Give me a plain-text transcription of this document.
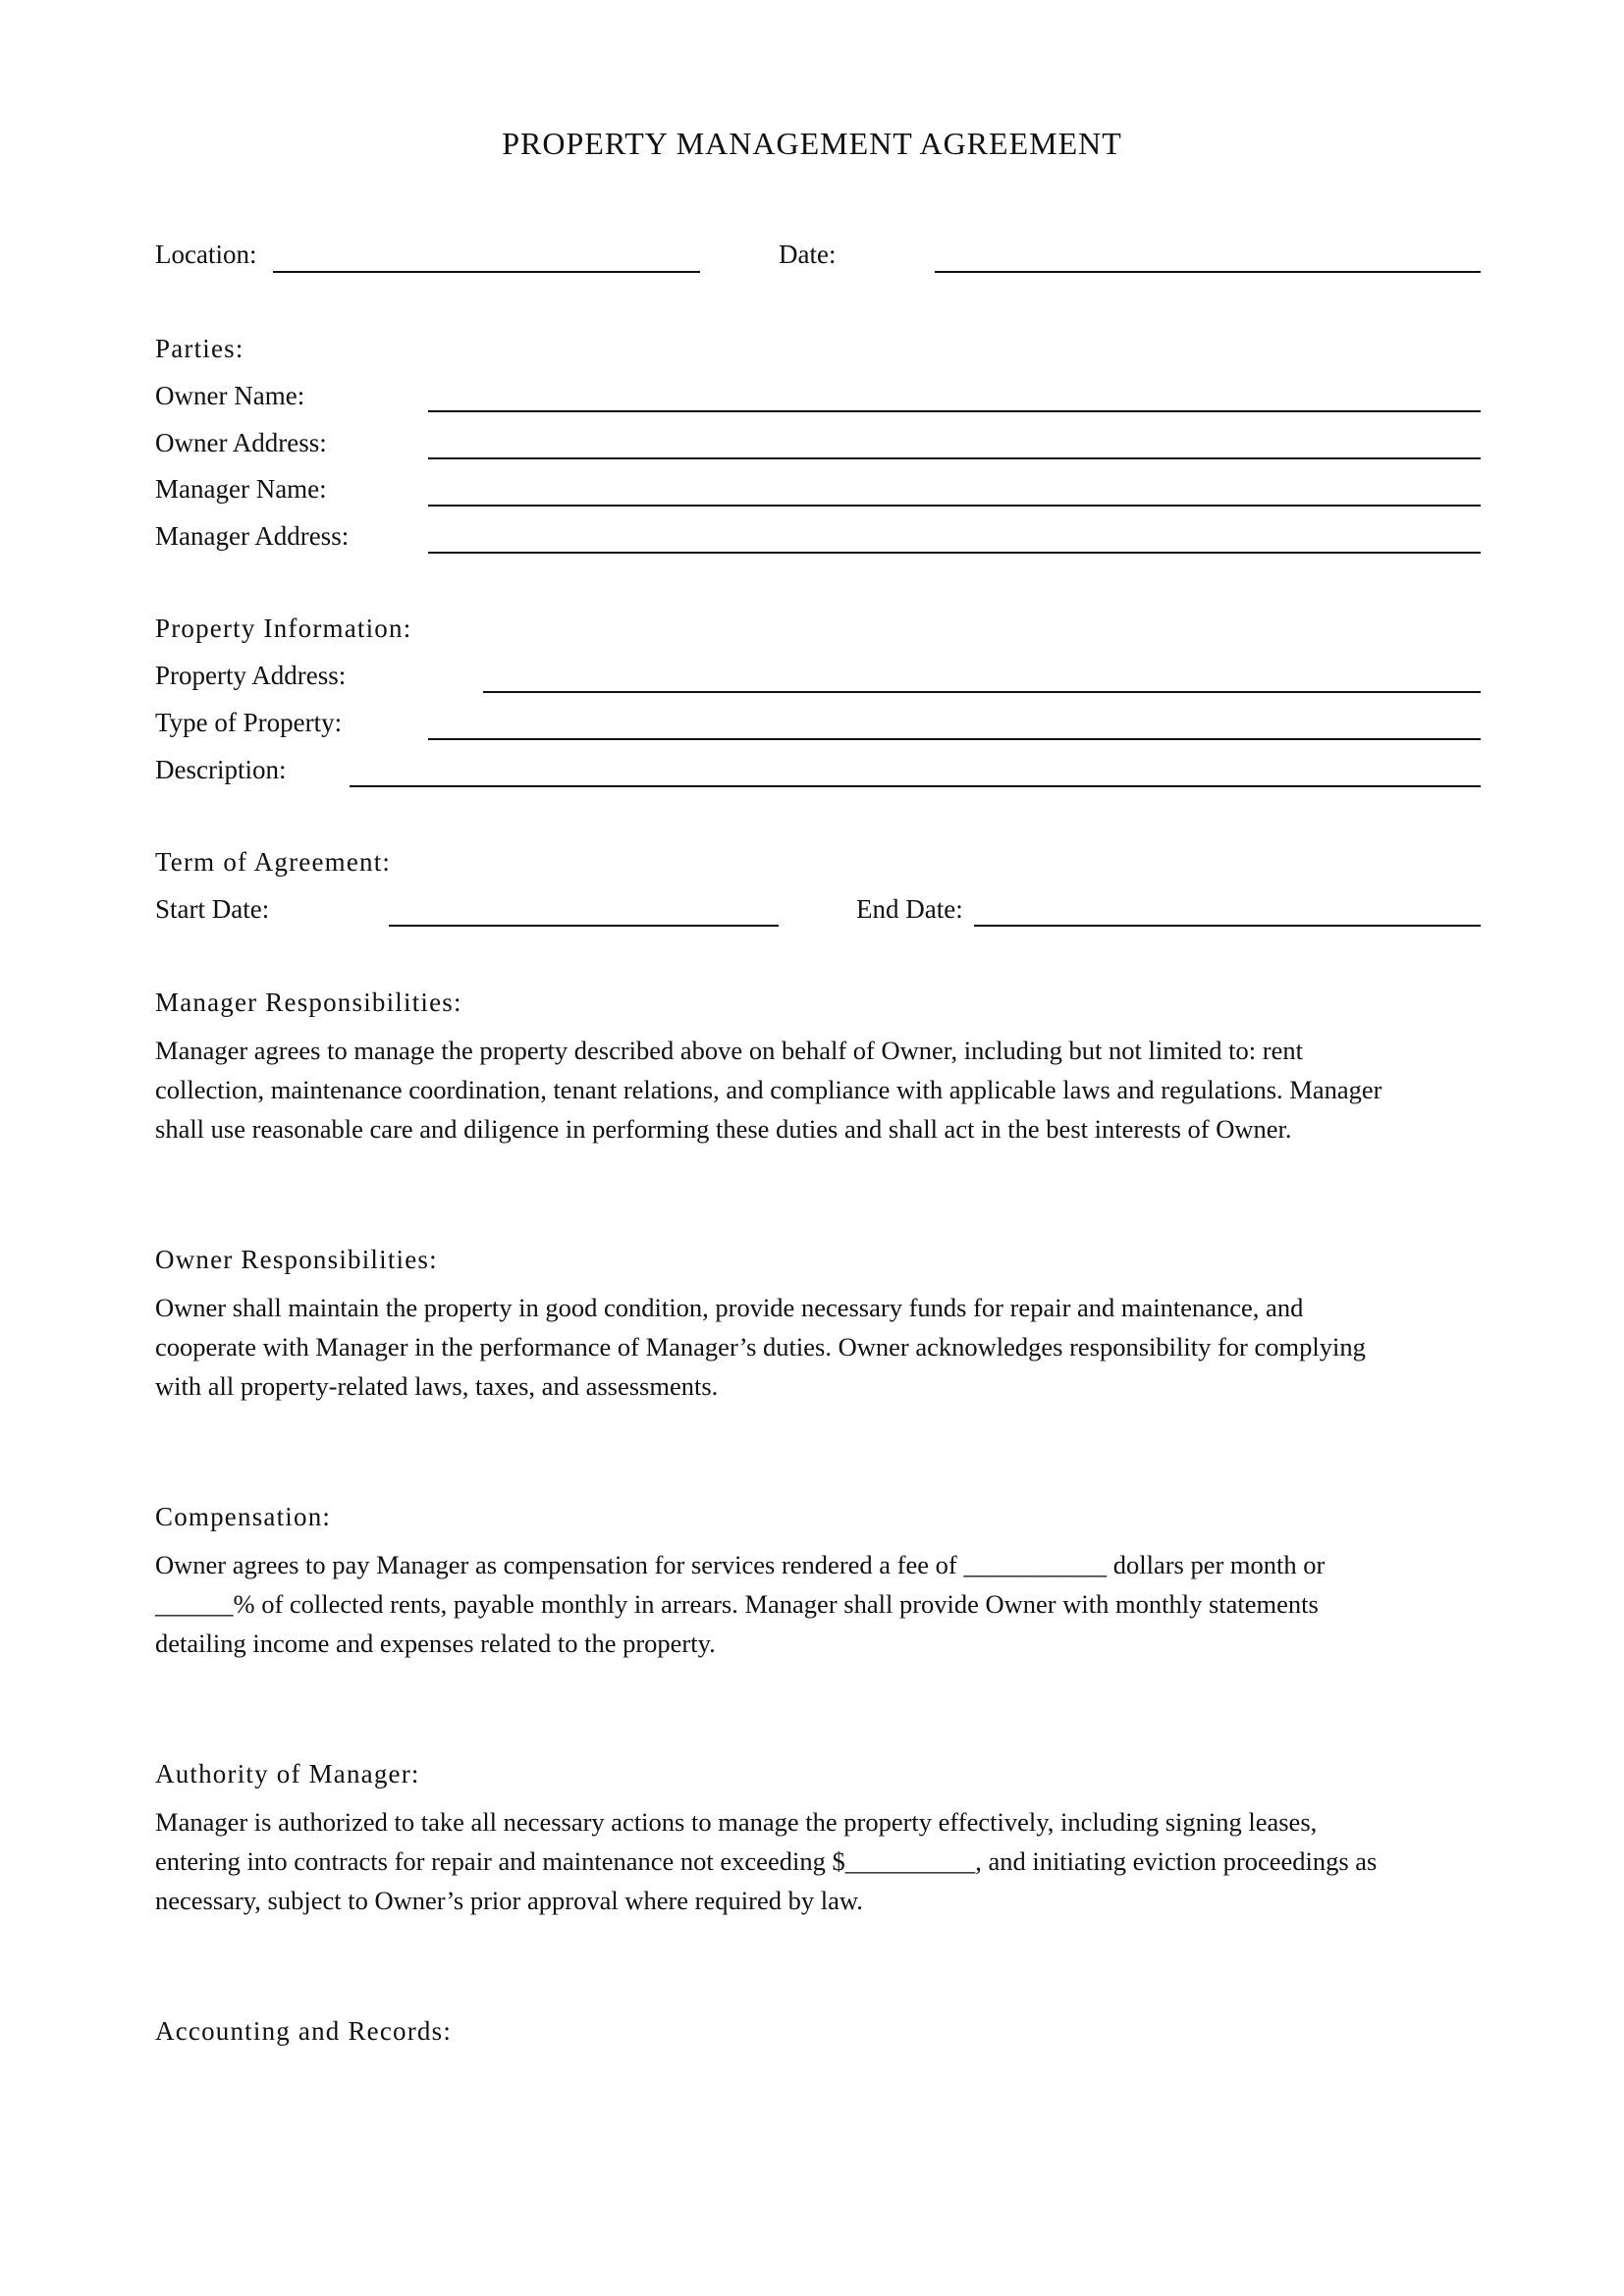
PROPERTY MANAGEMENT AGREEMENT
Location:	Date:
Parties:
Owner Name:
Owner Address:
Manager Name:
Manager Address:
Property Information:
Property Address:
Type of Property:
Description:
Term of Agreement:
Start Date:	End Date:
Manager Responsibilities:

Manager agrees to manage the property described above on behalf of Owner, including but not limited to: rent

collection, maintenance coordination, tenant relations, and compliance with applicable laws and regulations. Manager

shall use reasonable care and diligence in performing these duties and shall act in the best interests of Owner.

Owner Responsibilities:

Owner shall maintain the property in good condition, provide necessary funds for repair and maintenance, and

cooperate with Manager in the performance of Manager’s duties. Owner acknowledges responsibility for complying

with all property-related laws, taxes, and assessments.

Compensation:

Owner agrees to pay Manager as compensation for services rendered a fee of ___________ dollars per month or

______% of collected rents, payable monthly in arrears. Manager shall provide Owner with monthly statements

detailing income and expenses related to the property.

Authority of Manager:

Manager is authorized to take all necessary actions to manage the property effectively, including signing leases,

entering into contracts for repair and maintenance not exceeding $__________, and initiating eviction proceedings as

necessary, subject to Owner’s prior approval where required by law.

Accounting and Records:
